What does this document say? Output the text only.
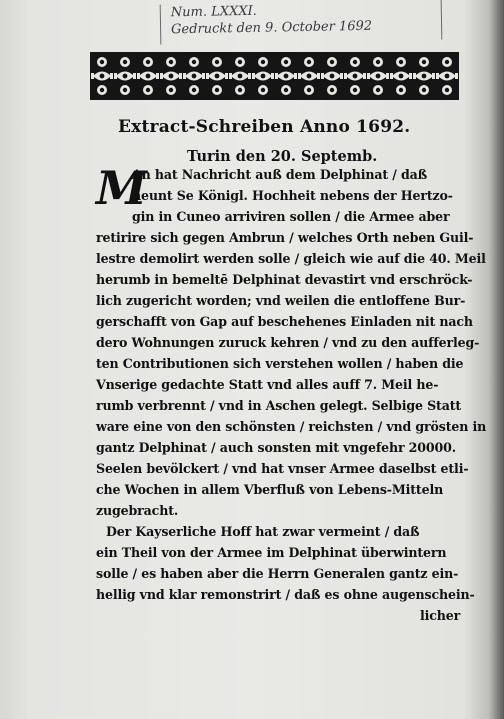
Num. LXXXI.
Gedruckt den 9. October 1692
Extract-Schreiben Anno 1692.
Turin den 20. Septemb.
M
An hat Nachricht auß dem Delphinat / daß
heunt Se Königl. Hochheit nebens der Hertzo-
gin in Cuneo arriviren sollen / die Armee aber
retirire sich gegen Ambrun / welches Orth neben Guil-
lestre demolirt werden solle / gleich wie auf die 40. Meil
herumb in bemeltē Delphinat devastirt vnd erschröck-
lich zugericht worden; vnd weilen die entloffene Bur-
gerschafft von Gap auf beschehenes Einladen nit nach
dero Wohnungen zuruck kehren / vnd zu den aufferleg-
ten Contributionen sich verstehen wollen / haben die
Vnserige gedachte Statt vnd alles auff 7. Meil he-
rumb verbrennt / vnd in Aschen gelegt. Selbige Statt
ware eine von den schönsten / reichsten / vnd grösten in
gantz Delphinat / auch sonsten mit vngefehr 20000.
Seelen bevölckert / vnd hat vnser Armee daselbst etli-
che Wochen in allem Vberfluß von Lebens-Mitteln
zugebracht.
Der Kayserliche Hoff hat zwar vermeint / daß
ein Theil von der Armee im Delphinat überwintern
solle / es haben aber die Herrn Generalen gantz ein-
hellig vnd klar remonstrirt / daß es ohne augenschein-
licher
